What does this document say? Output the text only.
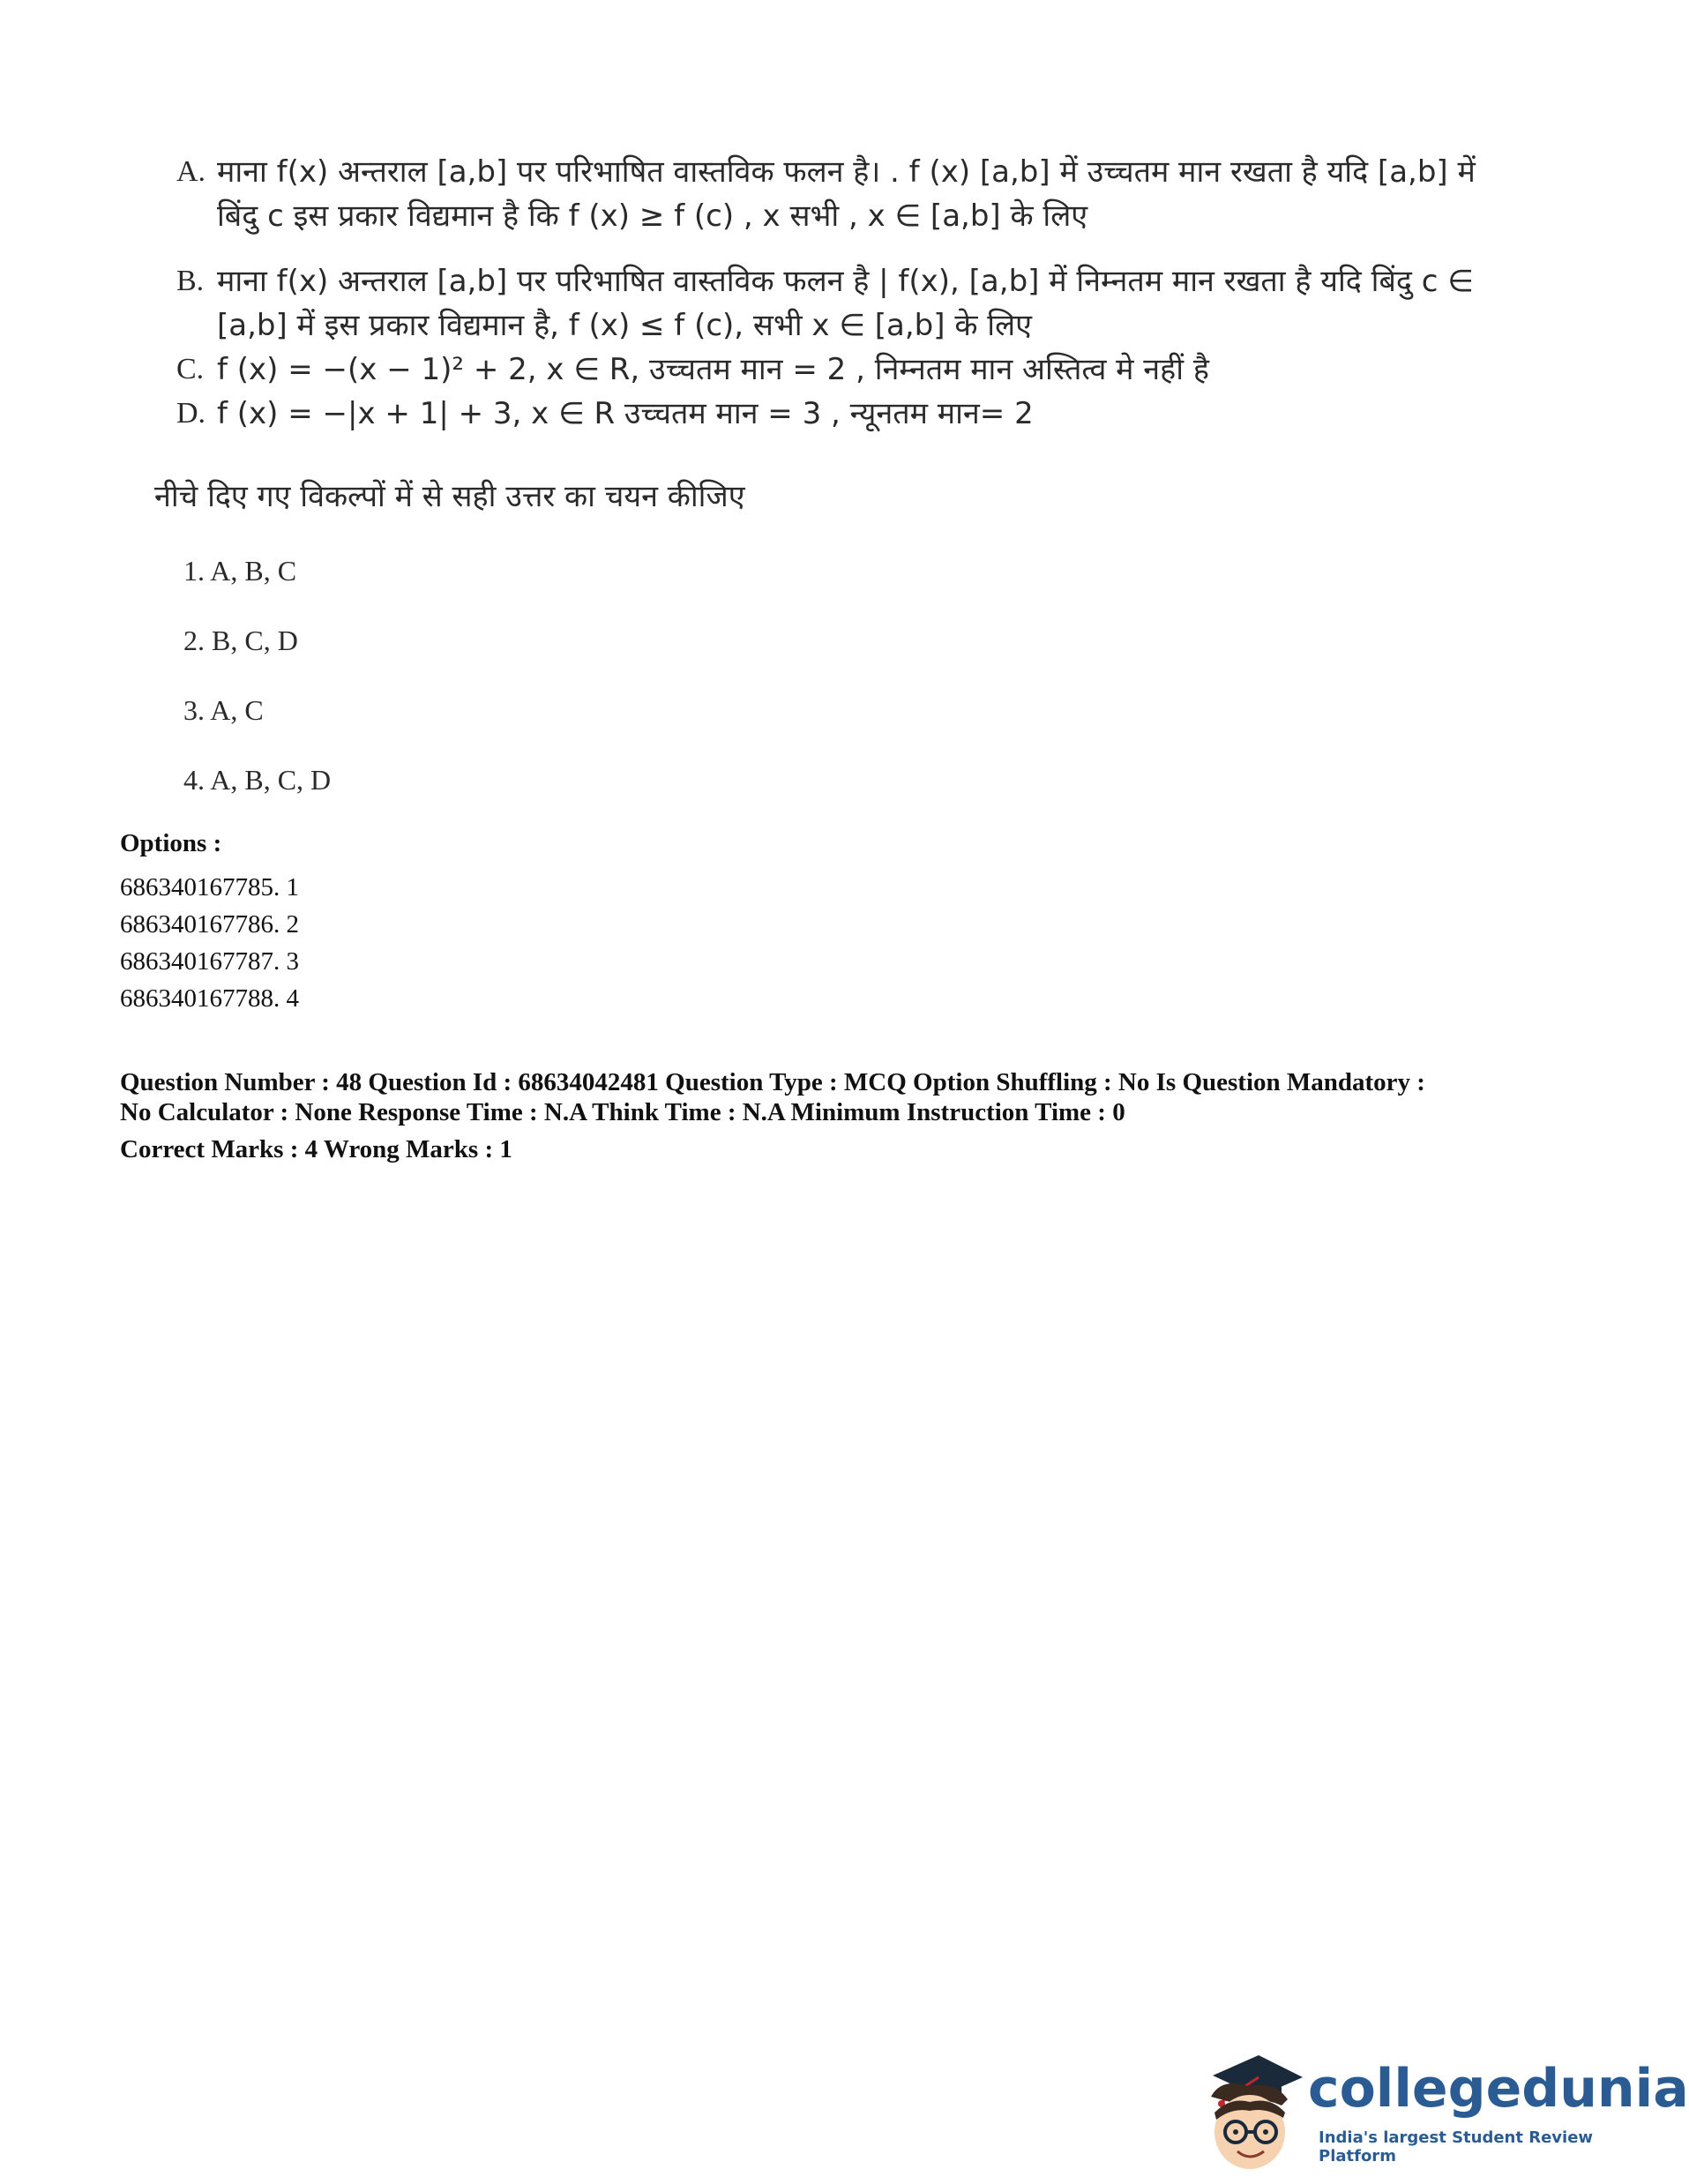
A. माना f(x) अन्तराल [a,b] पर परिभाषित वास्तविक फलन है। . f (x) [a,b] में उच्चतम मान रखता है यदि [a,b] में बिंदु c इस प्रकार विद्यमान है कि f (x) ≥ f (c) , x सभी , x ∈ [a,b] के लिए
B. माना f(x) अन्तराल [a,b] पर परिभाषित वास्तविक फलन है | f(x), [a,b] में निम्नतम मान रखता है यदि बिंदु c ∈ [a,b] में इस प्रकार विद्यमान है, f (x) ≤ f (c), सभी x ∈ [a,b] के लिए
C. f (x) = −(x − 1)² + 2, x ∈ R, उच्चतम मान = 2 , निम्नतम मान अस्तित्व मे नहीं है
D. f (x) = −|x + 1| + 3, x ∈ R उच्चतम मान = 3 , न्यूनतम मान= 2
नीचे दिए गए विकल्पों में से सही उत्तर का चयन कीजिए
1. A, B, C
2. B, C, D
3. A, C
4. A, B, C, D
Options :
686340167785. 1
686340167786. 2
686340167787. 3
686340167788. 4
Question Number : 48 Question Id : 68634042481 Question Type : MCQ Option Shuffling : No Is Question Mandatory :
No Calculator : None Response Time : N.A Think Time : N.A Minimum Instruction Time : 0
Correct Marks : 4 Wrong Marks : 1
collegedunia
India's largest Student Review Platform
